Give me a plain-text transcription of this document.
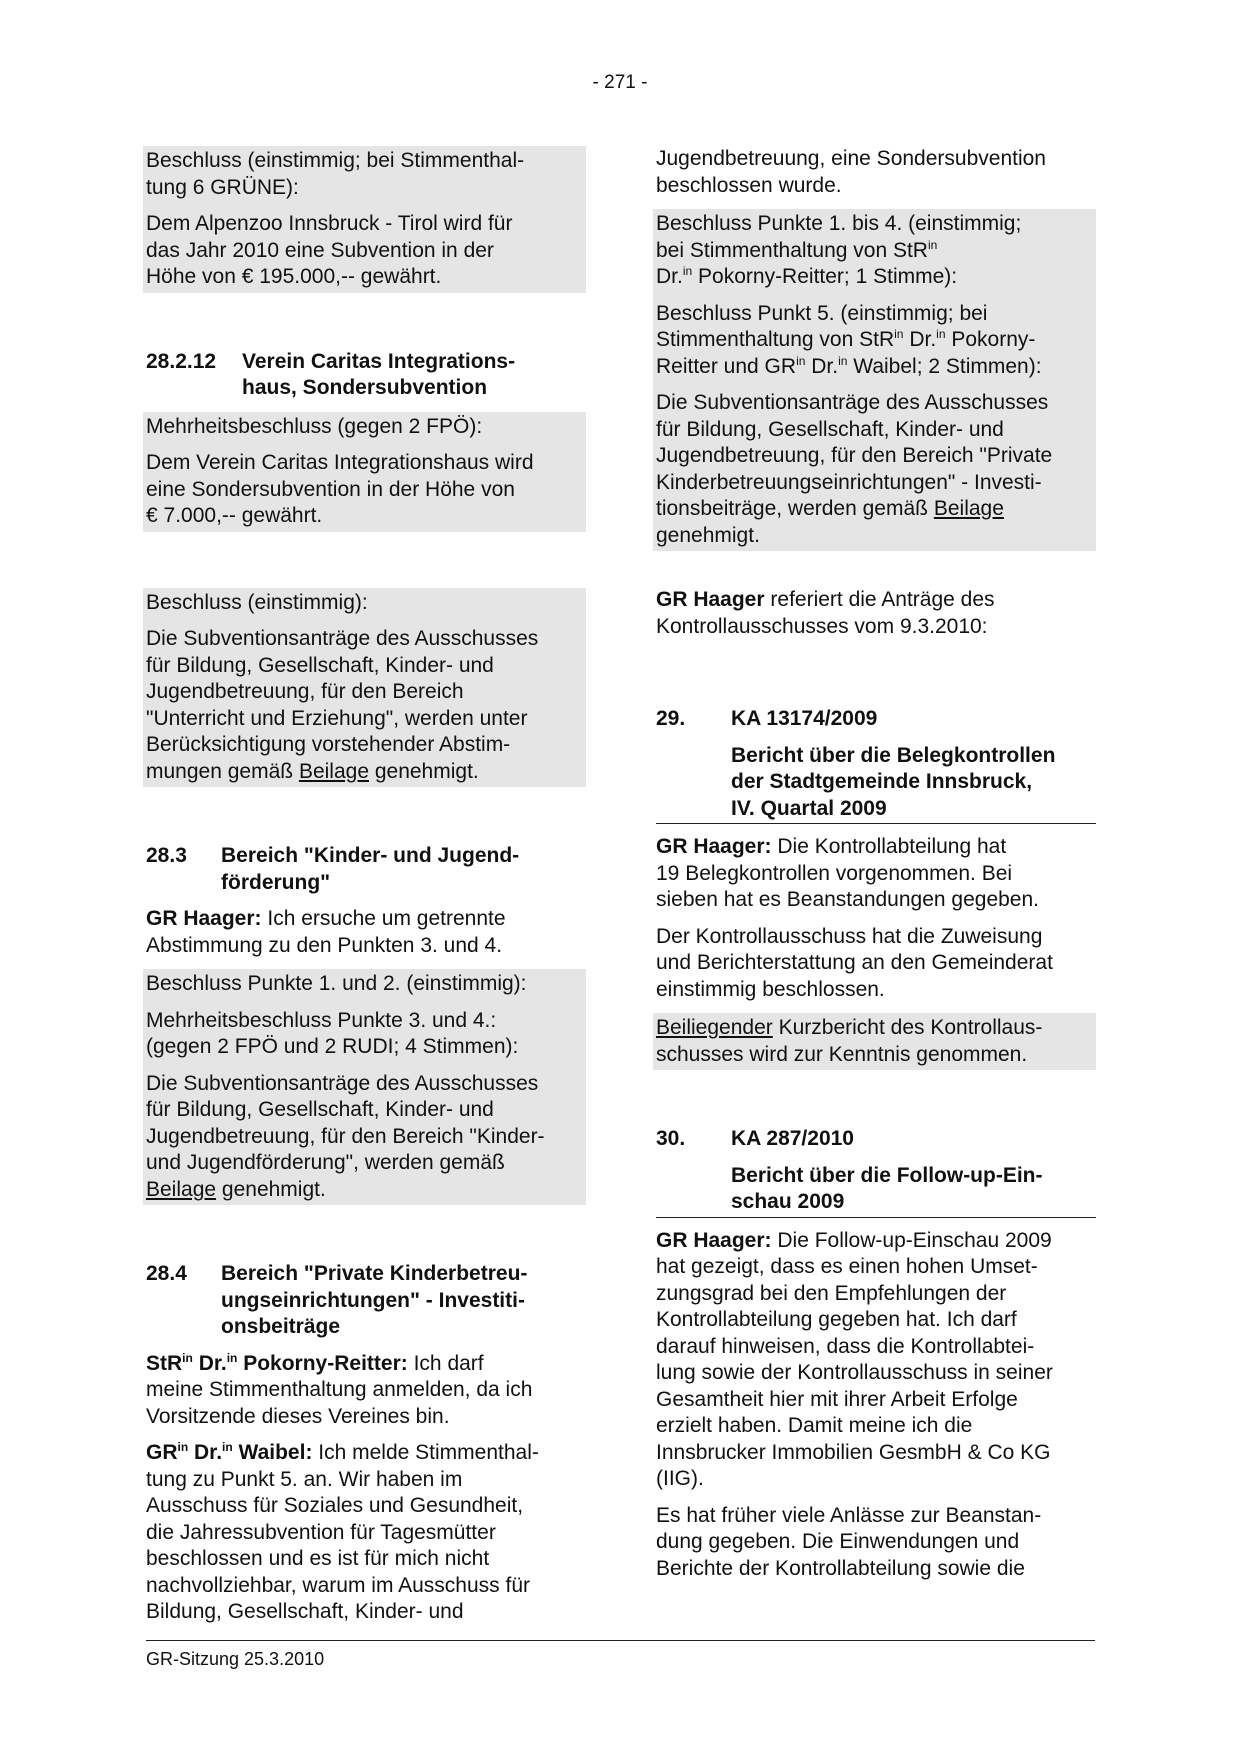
- 271 -

Beschluss (einstimmig; bei Stimmenthal-
tung 6 GRÜNE):

Dem Alpenzoo Innsbruck - Tirol wird für
das Jahr 2010 eine Subvention in der
Höhe von € 195.000,-- gewährt.

28.2.12	Verein Caritas Integrations-
haus, Sondersubvention

Mehrheitsbeschluss (gegen 2 FPÖ):

Dem Verein Caritas Integrationshaus wird
eine Sondersubvention in der Höhe von
€ 7.000,-- gewährt.

Beschluss (einstimmig):

Die Subventionsanträge des Ausschusses
für Bildung, Gesellschaft, Kinder- und
Jugendbetreuung, für den Bereich
"Unterricht und Erziehung", werden unter
Berücksichtigung vorstehender Abstim-
mungen gemäß Beilage genehmigt.

28.3	Bereich "Kinder- und Jugend-
förderung"

GR Haager: Ich ersuche um getrennte
Abstimmung zu den Punkten 3. und 4.

Beschluss Punkte 1. und 2. (einstimmig):

Mehrheitsbeschluss Punkte 3. und 4.:
(gegen 2 FPÖ und 2 RUDI; 4 Stimmen):

Die Subventionsanträge des Ausschusses
für Bildung, Gesellschaft, Kinder- und
Jugendbetreuung, für den Bereich "Kinder-
und Jugendförderung", werden gemäß
Beilage genehmigt.

28.4	Bereich "Private Kinderbetreu-
ungseinrichtungen" - Investiti-
onsbeiträge

StR$^{in}$ Dr.$^{in}$ Pokorny-Reitter: Ich darf
meine Stimmenthaltung anmelden, da ich
Vorsitzende dieses Vereines bin.

$GR^{in}$ Dr.$^{in}$ Waibel: Ich melde Stimmenthal-
tung zu Punkt 5. an. Wir haben im
Ausschuss für Soziales und Gesundheit,
die Jahressubvention für Tagesmütter
beschlossen und es ist für mich nicht
nachvollziehbar, warum im Ausschuss für
Bildung, Gesellschaft, Kinder- und

Jugendbetreuung, eine Sondersubvention
beschlossen wurde.

Beschluss Punkte 1. bis 4. (einstimmig;
bei Stimmenthaltung von StR$^{in}$
Dr.$^{in}$ Pokorny-Reitter; 1 Stimme):

Beschluss Punkt 5. (einstimmig; bei
Stimmenthaltung von StR$^{in}$ Dr.$^{in}$ Pokorny-
Reitter und $GR^{in}$ Dr.$^{in}$ Waibel; 2 Stimmen):

Die Subventionsanträge des Ausschusses
für Bildung, Gesellschaft, Kinder- und
Jugendbetreuung, für den Bereich "Private
Kinderbetreuungseinrichtungen" - Investi-
tionsbeiträge, werden gemäß Beilage
genehmigt.

GR Haager referiert die Anträge des
Kontrollausschusses vom 9.3.2010:

29.	KA 13174/2009
Bericht über die Belegkontrollen
der Stadtgemeinde Innsbruck,
IV. Quartal 2009

GR Haager: Die Kontrollabteilung hat
19 Belegkontrollen vorgenommen. Bei
sieben hat es Beanstandungen gegeben.

Der Kontrollausschuss hat die Zuweisung
und Berichterstattung an den Gemeinderat
einstimmig beschlossen.

Beiliegender Kurzbericht des Kontrollaus-
schusses wird zur Kenntnis genommen.

30.	KA 287/2010
Bericht über die Follow-up-Ein-
schau 2009

GR Haager: Die Follow-up-Einschau 2009
hat gezeigt, dass es einen hohen Umset-
zungsgrad bei den Empfehlungen der
Kontrollabteilung gegeben hat. Ich darf
darauf hinweisen, dass die Kontrollabtei-
lung sowie der Kontrollausschuss in seiner
Gesamtheit hier mit ihrer Arbeit Erfolge
erzielt haben. Damit meine ich die
Innsbrucker Immobilien GesmbH & Co KG
(IIG).

Es hat früher viele Anlässe zur Beanstan-
dung gegeben. Die Einwendungen und
Berichte der Kontrollabteilung sowie die

GR-Sitzung 25.3.2010
